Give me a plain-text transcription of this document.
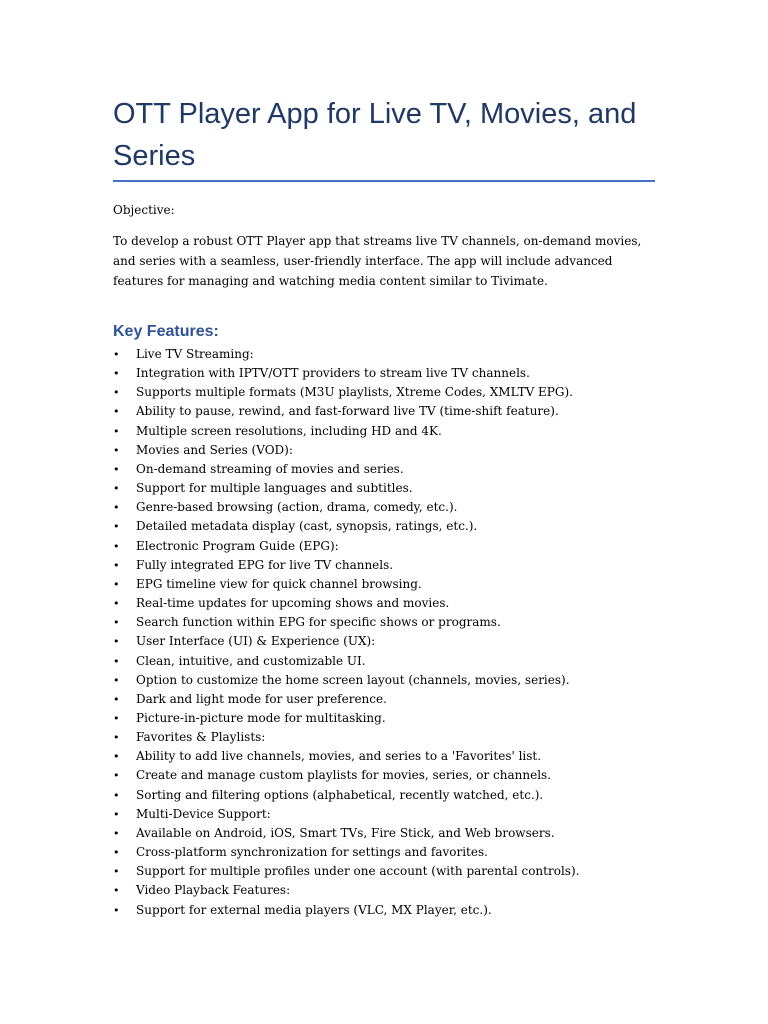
OTT Player App for Live TV, Movies, and Series

Objective:

To develop a robust OTT Player app that streams live TV channels, on-demand movies, and series with a seamless, user-friendly interface. The app will include advanced features for managing and watching media content similar to Tivimate.

Key Features:
•	Live TV Streaming:
•	Integration with IPTV/OTT providers to stream live TV channels.
•	Supports multiple formats (M3U playlists, Xtreme Codes, XMLTV EPG).
•	Ability to pause, rewind, and fast-forward live TV (time-shift feature).
•	Multiple screen resolutions, including HD and 4K.
•	Movies and Series (VOD):
•	On-demand streaming of movies and series.
•	Support for multiple languages and subtitles.
•	Genre-based browsing (action, drama, comedy, etc.).
•	Detailed metadata display (cast, synopsis, ratings, etc.).
•	Electronic Program Guide (EPG):
•	Fully integrated EPG for live TV channels.
•	EPG timeline view for quick channel browsing.
•	Real-time updates for upcoming shows and movies.
•	Search function within EPG for specific shows or programs.
•	User Interface (UI) & Experience (UX):
•	Clean, intuitive, and customizable UI.
•	Option to customize the home screen layout (channels, movies, series).
•	Dark and light mode for user preference.
•	Picture-in-picture mode for multitasking.
•	Favorites & Playlists:
•	Ability to add live channels, movies, and series to a 'Favorites' list.
•	Create and manage custom playlists for movies, series, or channels.
•	Sorting and filtering options (alphabetical, recently watched, etc.).
•	Multi-Device Support:
•	Available on Android, iOS, Smart TVs, Fire Stick, and Web browsers.
•	Cross-platform synchronization for settings and favorites.
•	Support for multiple profiles under one account (with parental controls).
•	Video Playback Features:
•	Support for external media players (VLC, MX Player, etc.).
